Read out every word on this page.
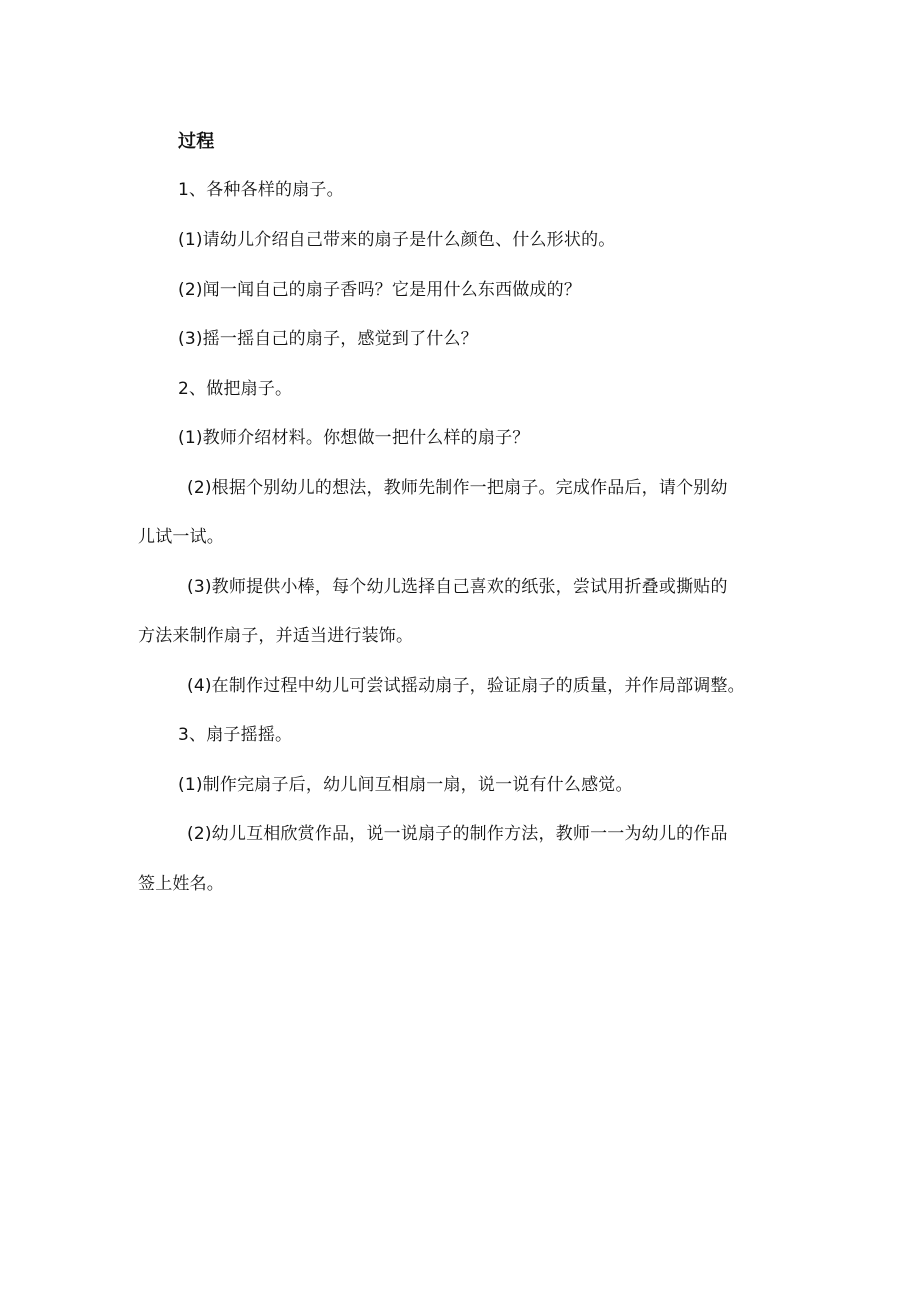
过程
1、各种各样的扇子。
(1)请幼儿介绍自己带来的扇子是什么颜色、什么形状的。
(2)闻一闻自己的扇子香吗？它是用什么东西做成的？
(3)摇一摇自己的扇子，感觉到了什么？
2、做把扇子。
(1)教师介绍材料。你想做一把什么样的扇子？
(2)根据个别幼儿的想法，教师先制作一把扇子。完成作品后，请个别幼
儿试一试。
(3)教师提供小棒，每个幼儿选择自己喜欢的纸张，尝试用折叠或撕贴的
方法来制作扇子，并适当进行装饰。
(4)在制作过程中幼儿可尝试摇动扇子，验证扇子的质量，并作局部调整。
3、扇子摇摇。
(1)制作完扇子后，幼儿间互相扇一扇，说一说有什么感觉。
(2)幼儿互相欣赏作品，说一说扇子的制作方法，教师一一为幼儿的作品
签上姓名。
